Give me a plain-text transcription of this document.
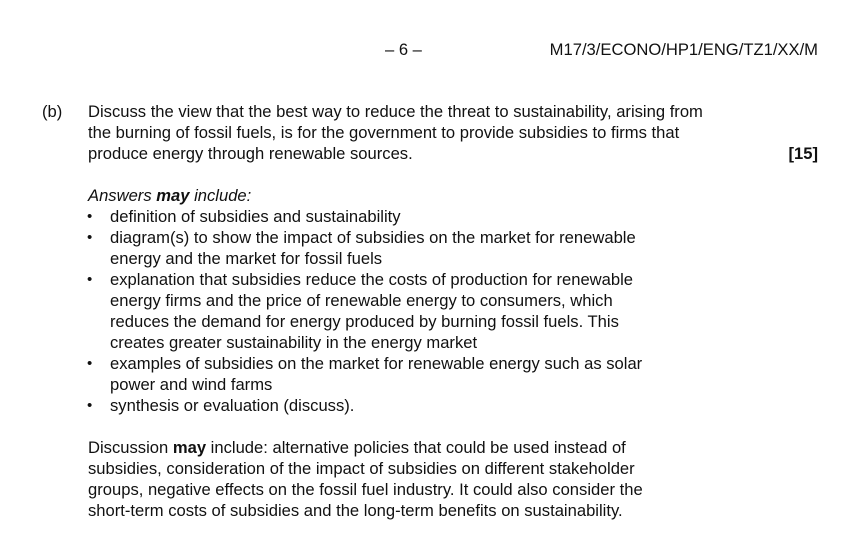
– 6 –	M17/3/ECONO/HP1/ENG/TZ1/XX/M
(b) Discuss the view that the best way to reduce the threat to sustainability, arising from
the burning of fossil fuels, is for the government to provide subsidies to firms that
produce energy through renewable sources.	[15]
Answers may include:
• definition of subsidies and sustainability
• diagram(s) to show the impact of subsidies on the market for renewable
energy and the market for fossil fuels
• explanation that subsidies reduce the costs of production for renewable
energy firms and the price of renewable energy to consumers, which
reduces the demand for energy produced by burning fossil fuels. This
creates greater sustainability in the energy market
• examples of subsidies on the market for renewable energy such as solar
power and wind farms
• synthesis or evaluation (discuss).
Discussion may include: alternative policies that could be used instead of
subsidies, consideration of the impact of subsidies on different stakeholder
groups, negative effects on the fossil fuel industry. It could also consider the
short-term costs of subsidies and the long-term benefits on sustainability.
